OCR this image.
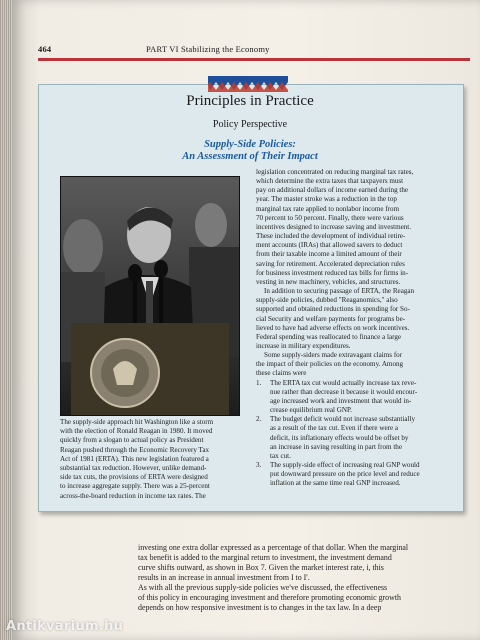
464	PART VI Stabilizing the Economy
Principles in Practice
Policy Perspective
Supply-Side Policies:
An Assessment of Their Impact
The supply-side approach hit Washington like a storm
with the election of Ronald Reagan in 1980. It moved
quickly from a slogan to actual policy as President
Reagan pushed through the Economic Recovery Tax
Act of 1981 (ERTA). This new legislation featured a
substantial tax reduction. However, unlike demand-
side tax cuts, the provisions of ERTA were designed
to increase aggregate supply. There was a 25-percent
across-the-board reduction in income tax rates. The
legislation concentrated on reducing marginal tax rates,
which determine the extra taxes that taxpayers must
pay on additional dollars of income earned during the
year. The master stroke was a reduction in the top
marginal tax rate applied to nonlabor income from
70 percent to 50 percent. Finally, there were various
incentives designed to increase saving and investment.
These included the development of individual retire-
ment accounts (IRAs) that allowed savers to deduct
from their taxable income a limited amount of their
saving for retirement. Accelerated depreciation rules
for business investment reduced tax bills for firms in-
vesting in new machinery, vehicles, and structures.
In addition to securing passage of ERTA, the Reagan
supply-side policies, dubbed "Reaganomics," also
supported and obtained reductions in spending for So-
cial Security and welfare payments for programs be-
lieved to have had adverse effects on work incentives.
Federal spending was reallocated to finance a large
increase in military expenditures.
Some supply-siders made extravagant claims for
the impact of their policies on the economy. Among
these claims were
1. The ERTA tax cut would actually increase tax reve-
nue rather than decrease it because it would encour-
age increased work and investment that would in-
crease equilibrium real GNP.
2. The budget deficit would not increase substantially
as a result of the tax cut. Even if there were a
deficit, its inflationary effects would be offset by
an increase in saving resulting in part from the
tax cut.
3. The supply-side effect of increasing real GNP would
put downward pressure on the price level and reduce
inflation at the same time real GNP increased.
investing one extra dollar expressed as a percentage of that dollar. When the marginal
tax benefit is added to the marginal return to investment, the investment demand
curve shifts outward, as shown in Box 7. Given the market interest rate, i, this
results in an increase in annual investment from I to I'.
As with all the previous supply-side policies we've discussed, the effectiveness
of this policy in encouraging investment and therefore promoting economic growth
depends on how responsive investment is to changes in the tax law. In a deep
Antikvarium.hu
